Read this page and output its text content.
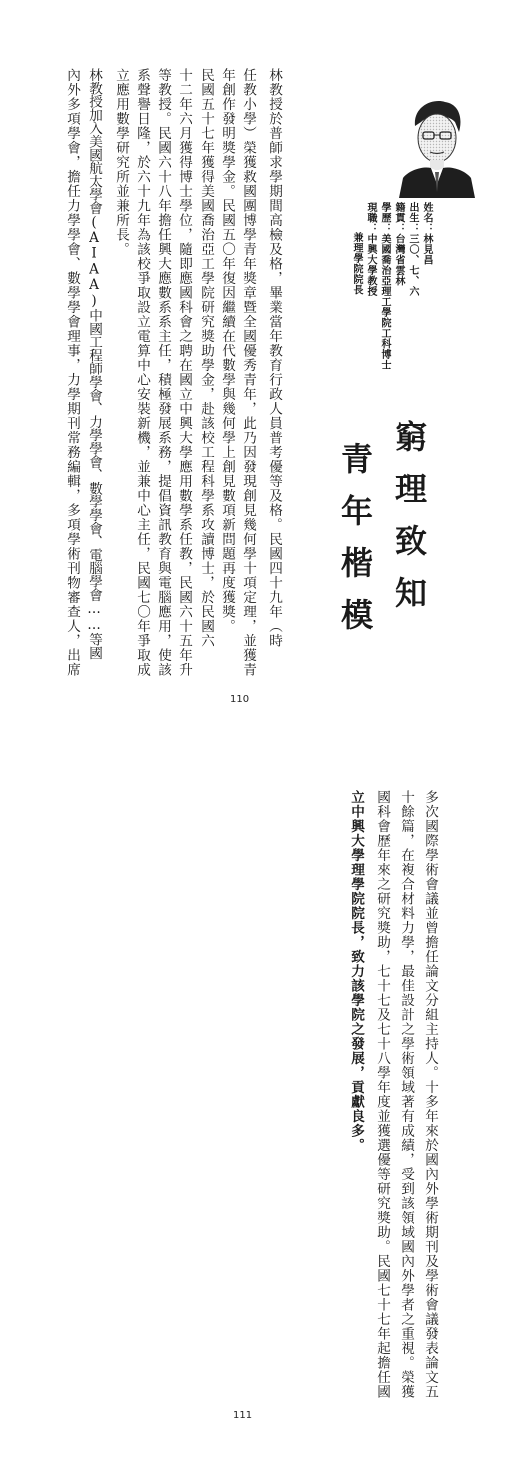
姓名：林見昌
出生：三〇、七、六
籍貫：台灣省雲林
學歷：美國喬治亞理工學院工科博士
現職：中興大學教授
兼理學院院長
窮理致知
青年楷模
林教授於普師求學期間高檢及格，畢業當年教育行政人員普考優等及格。民國四十九年（時
任教小學）榮獲救國團博學青年獎章暨全國優秀青年，此乃因發現創見幾何學十項定理，並獲青
年創作發明獎學金。民國五〇年復因繼續在代數學與幾何學上創見數項新問題再度獲獎。
民國五十七年獲得美國喬治亞工學院研究獎助學金，赴該校工程科學系攻讀博士，於民國六
十二年六月獲得博士學位，隨即應國科會之聘在國立中興大學應用數學系任教，民國六十五年升
等教授。民國六十八年擔任興大應數系系主任，積極發展系務，提倡資訊教育與電腦應用，使該
系聲譽日隆，於六十九年為該校爭取設立電算中心安裝新機，並兼中心主任，民國七〇年爭取成
立應用數學研究所並兼所長。
林教授加入美國航太學會(AIAA)中國工程師學會、力學學會、數學學會、電腦學會……等國
內外多項學會，擔任力學學會、數學學會理事，力學期刊常務編輯，多項學術刊物審查人，出席
110
多次國際學術會議並曾擔任論文分組主持人。十多年來於國內外學術期刊及學術會議發表論文五
十餘篇，在複合材料力學，最佳設計之學術領域著有成績，受到該領域國內外學者之重視。榮獲
國科會歷年來之研究獎助，七十七及七十八學年度並獲選優等研究獎助。民國七十七年起擔任國
立中興大學理學院院長，致力該學院之發展，貢獻良多。
111
